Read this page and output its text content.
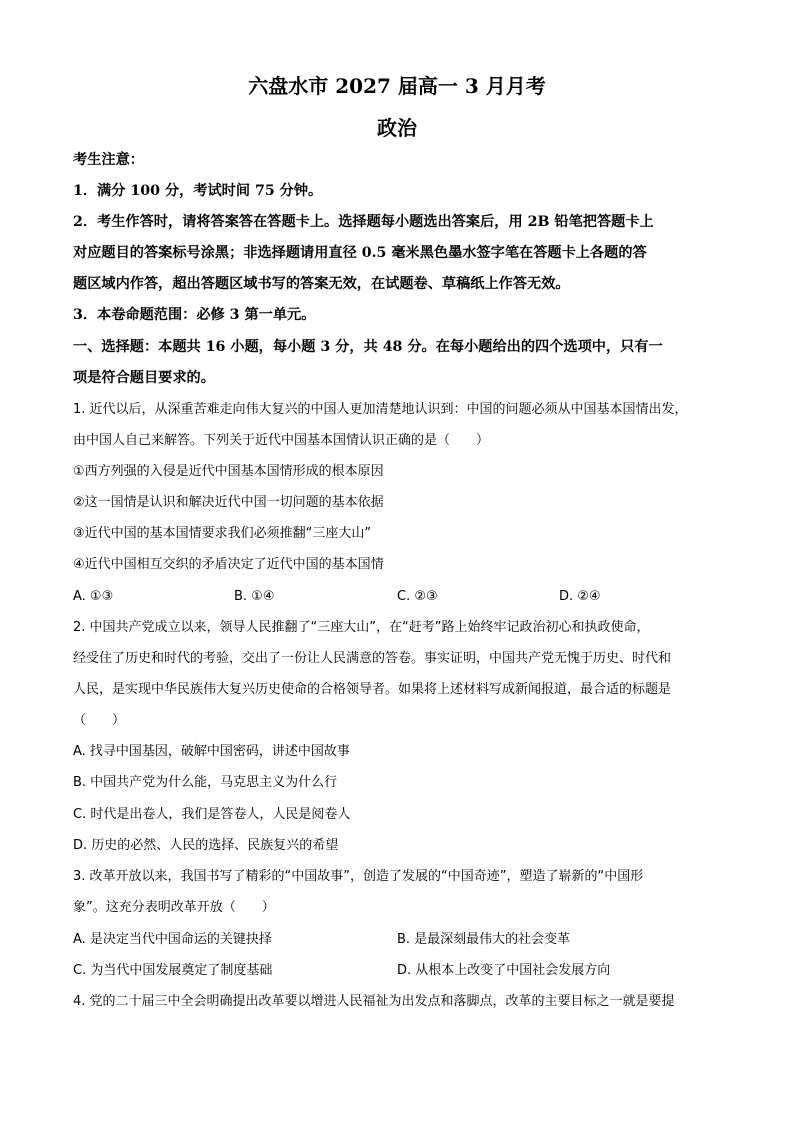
六盘水市 2027 届高一 3 月月考
政治
考生注意：
1．满分 100 分，考试时间 75 分钟。
2．考生作答时，请将答案答在答题卡上。选择题每小题选出答案后，用 2B 铅笔把答题卡上
对应题目的答案标号涂黑；非选择题请用直径 0.5 毫米黑色墨水签字笔在答题卡上各题的答
题区域内作答，超出答题区域书写的答案无效，在试题卷、草稿纸上作答无效。
3．本卷命题范围：必修 3 第一单元。
一、选择题：本题共 16 小题，每小题 3 分，共 48 分。在每小题给出的四个选项中，只有一
项是符合题目要求的。
1. 近代以后，从深重苦难走向伟大复兴的中国人更加清楚地认识到：中国的问题必须从中国基本国情出发，
由中国人自己来解答。下列关于近代中国基本国情认识正确的是（　　）
①西方列强的入侵是近代中国基本国情形成的根本原因
②这一国情是认识和解决近代中国一切问题的基本依据
③近代中国的基本国情要求我们必须推翻“三座大山”
④近代中国相互交织的矛盾决定了近代中国的基本国情
A. ①③	B. ①④	C. ②③	D. ②④
2. 中国共产党成立以来，领导人民推翻了“三座大山”，在“赶考”路上始终牢记政治初心和执政使命，
经受住了历史和时代的考验，交出了一份让人民满意的答卷。事实证明，中国共产党无愧于历史、时代和
人民，是实现中华民族伟大复兴历史使命的合格领导者。如果将上述材料写成新闻报道，最合适的标题是
（　　）
A. 找寻中国基因，破解中国密码，讲述中国故事
B. 中国共产党为什么能，马克思主义为什么行
C. 时代是出卷人，我们是答卷人，人民是阅卷人
D. 历史的必然、人民的选择、民族复兴的希望
3. 改革开放以来，我国书写了精彩的“中国故事”，创造了发展的“中国奇迹”，塑造了崭新的“中国形
象”。这充分表明改革开放（　　）
A. 是决定当代中国命运的关键抉择	B. 是最深刻最伟大的社会变革
C. 为当代中国发展奠定了制度基础	D. 从根本上改变了中国社会发展方向
4. 党的二十届三中全会明确提出改革要以增进人民福祉为出发点和落脚点，改革的主要目标之一就是要提
